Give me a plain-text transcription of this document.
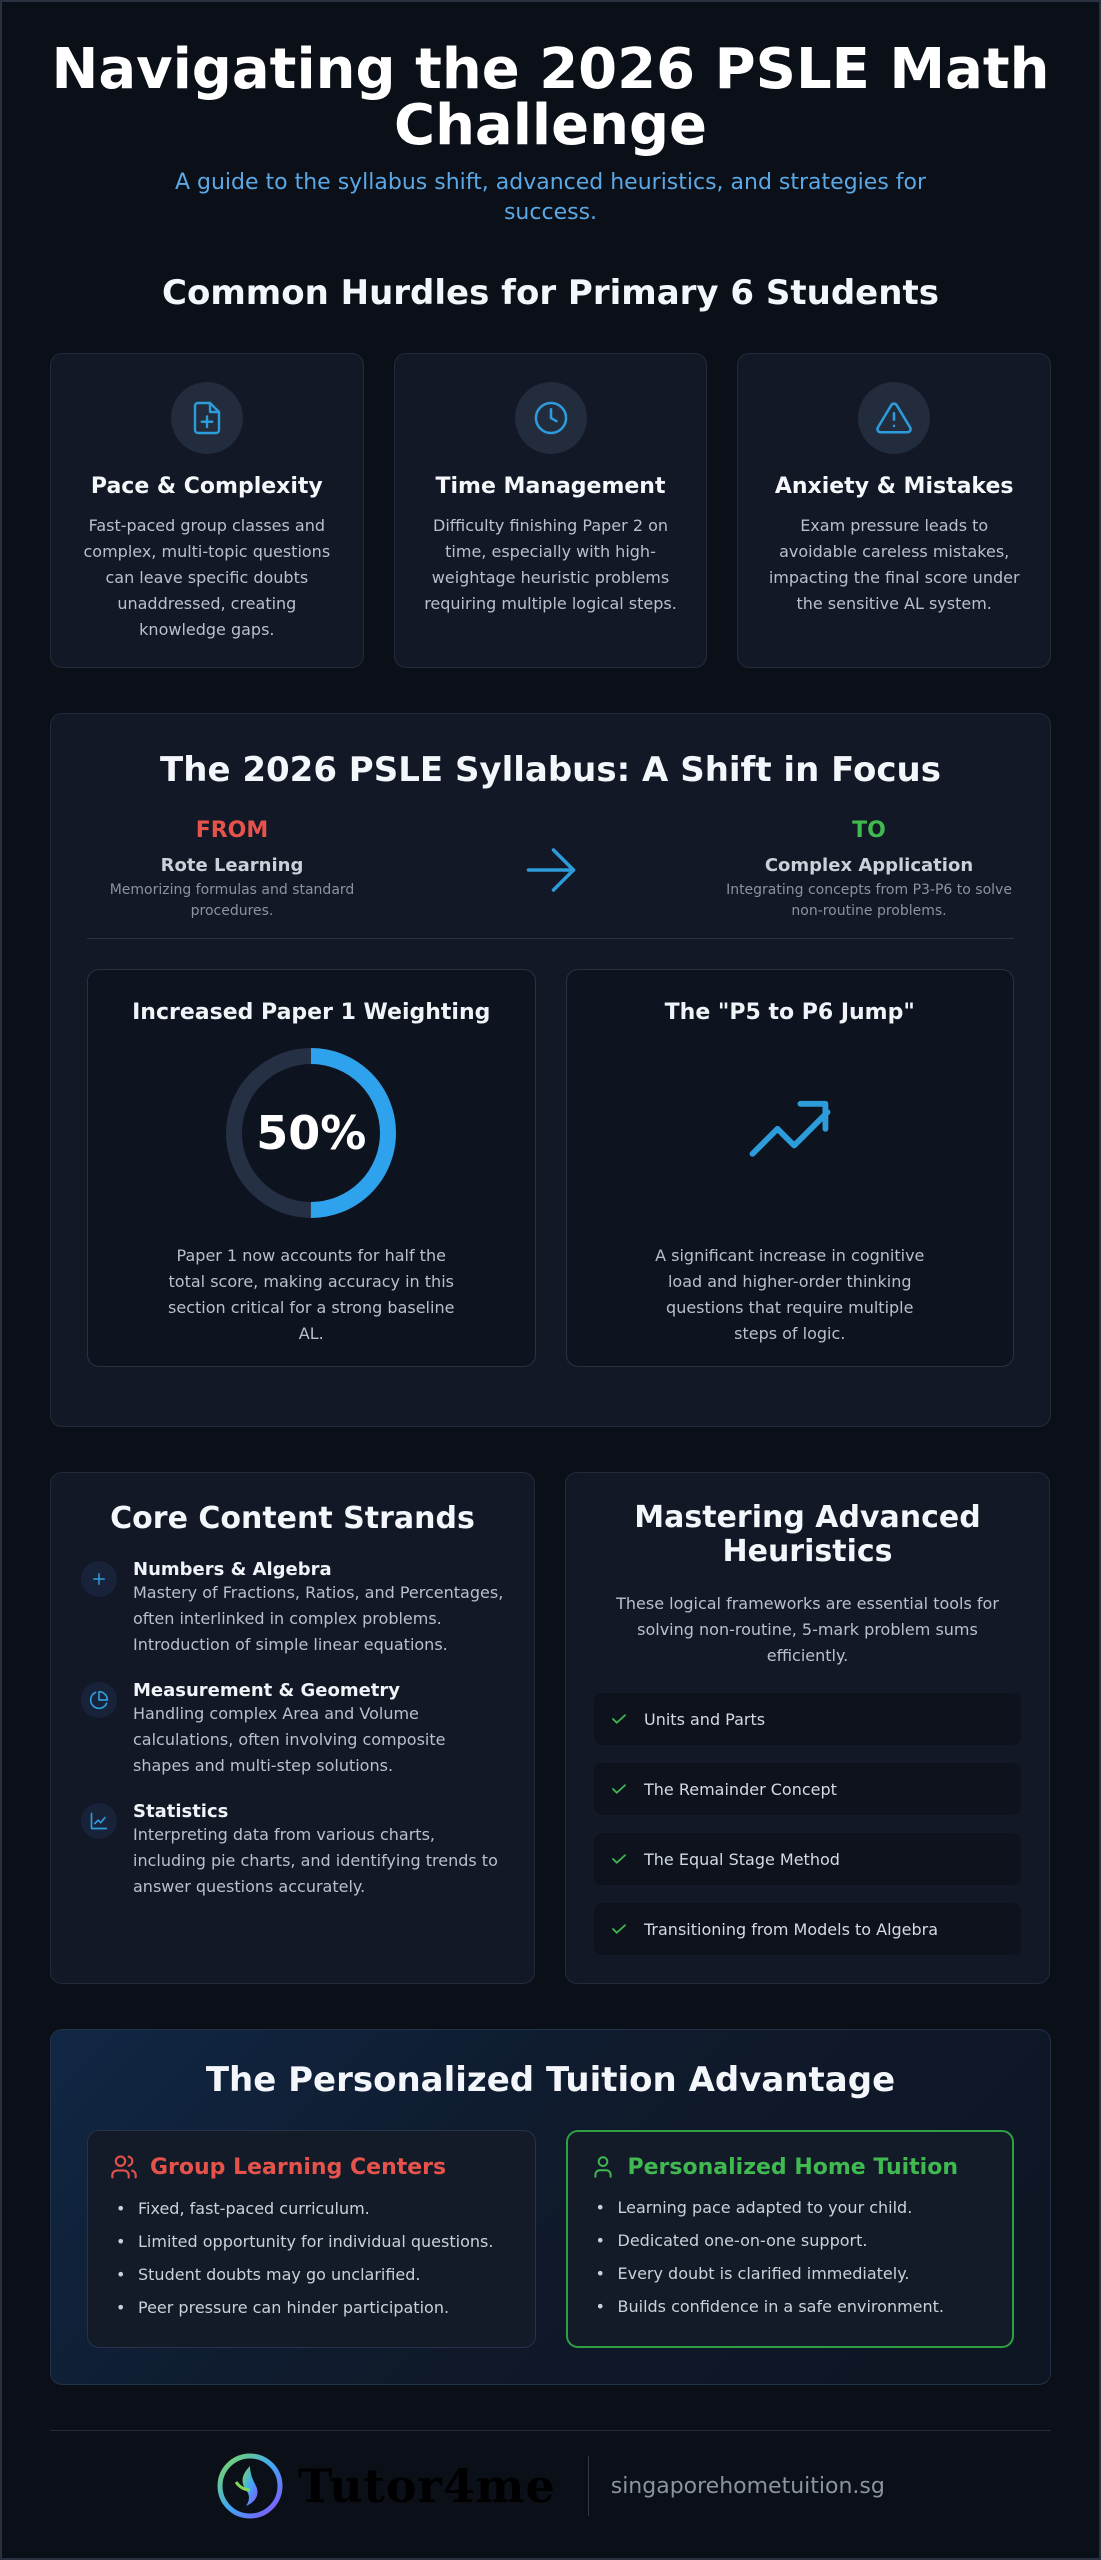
Navigating the 2026 PSLE Math Challenge

A guide to the syllabus shift, advanced heuristics, and strategies for success.

Common Hurdles for Primary 6 Students
Pace & Complexity
Fast-paced group classes and complex, multi-topic questions can leave specific doubts unaddressed, creating knowledge gaps.
Time Management
Difficulty finishing Paper 2 on time, especially with high-weightage heuristic problems requiring multiple logical steps.
Anxiety & Mistakes
Exam pressure leads to avoidable careless mistakes, impacting the final score under the sensitive AL system.
The 2026 PSLE Syllabus: A Shift in Focus
FROM
Rote Learning
Memorizing formulas and standard procedures.
TO
Complex Application
Integrating concepts from P3-P6 to solve non-routine problems.
Increased Paper 1 Weighting
50%
Paper 1 now accounts for half the total score, making accuracy in this section critical for a strong baseline AL.
The "P5 to P6 Jump"
A significant increase in cognitive load and higher-order thinking questions that require multiple steps of logic.
Core Content Strands
Numbers & Algebra
Mastery of Fractions, Ratios, and Percentages, often interlinked in complex problems. Introduction of simple linear equations.
Measurement & Geometry
Handling complex Area and Volume calculations, often involving composite shapes and multi-step solutions.
Statistics
Interpreting data from various charts, including pie charts, and identifying trends to answer questions accurately.
Mastering Advanced Heuristics

These logical frameworks are essential tools for solving non-routine, 5-mark problem sums efficiently.

Units and Parts
The Remainder Concept
The Equal Stage Method
Transitioning from Models to Algebra
The Personalized Tuition Advantage
Group Learning Centers
• Fixed, fast-paced curriculum.
• Limited opportunity for individual questions.
• Student doubts may go unclarified.
• Peer pressure can hinder participation.
Personalized Home Tuition
• Learning pace adapted to your child.
• Dedicated one-on-one support.
• Every doubt is clarified immediately.
• Builds confidence in a safe environment.
Tutor4me	singaporehometuition.sg
